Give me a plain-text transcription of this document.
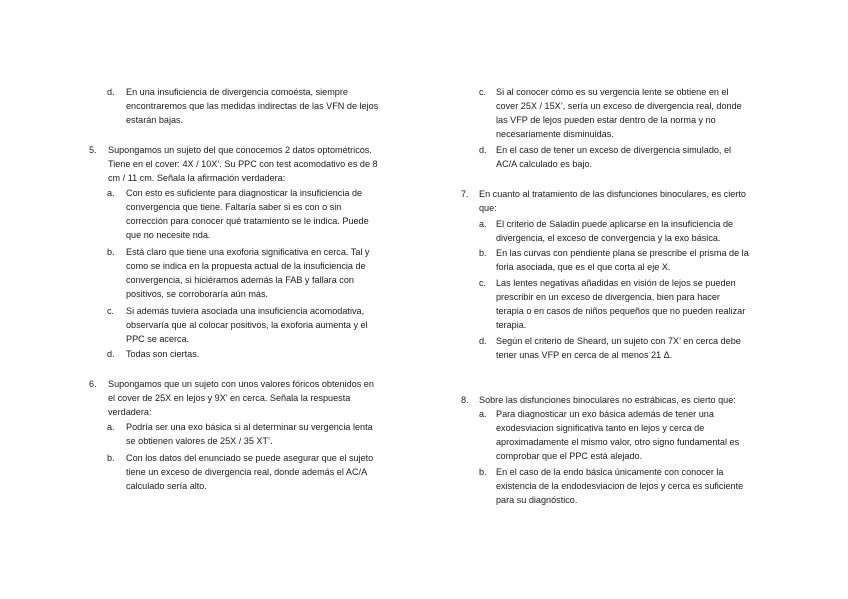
d. En una insuficiencia de divergencia comoésta, siempre
encontraremos que las medidas indirectas de las VFN de lejos
estarán bajas.
5. Supongamos un sujeto del que conocemos 2 datos optométricos.
Tiene en el cover: 4X / 10X’. Su PPC con test acomodativo es de 8
cm / 11 cm. Señala la afirmación verdadera:
a. Con esto es suficiente para diagnosticar la insuficiencia de
convergencia que tiene. Faltaría saber si es con o sin
corrección para conocer qué tratamiento se le indica. Puede
que no necesite nda.
b. Está claro que tiene una exoforia significativa en cerca. Tal y
como se indica en la propuesta actual de la insuficiencia de
convergencia, si hiciéramos además la FAB y fallara con
positivos, se corroboraría aún más.
c. Si además tuviera asociada una insuficiencia acomodativa,
observaría que al colocar positivos, la exoforia aumenta y el
PPC se acerca.
d. Todas son ciertas.
6. Supongamos que un sujeto con unos valores fóricos obtenidos en
el cover de 25X en lejos y 9X’ en cerca. Señala la respuesta
verdadera:
a. Podría ser una exo básica si al determinar su vergencia lenta
se obtienen valores de 25X / 35 XT’.
b. Con los datos del enunciado se puede asegurar que el sujeto
tiene un exceso de divergencia real, donde además el AC/A
calculado sería alto.
c. Si al conocer cómo es su vergencia lente se obtiene en el
cover 25X / 15X’, sería un exceso de divergencia real, donde
las VFP de lejos pueden estar dentro de la norma y no
necesariamente disminuidas.
d. En el caso de tener un exceso de divergencia simulado, el
AC/A calculado es bajo.
7. En cuanto al tratamiento de las disfunciones binoculares, es cierto
que:
a. El criterio de Saladin puede aplicarse en la insuficiencia de
divergencia, el exceso de convergencia y la exo básica.
b. En las curvas con pendiente plana se prescribe el prisma de la
foria asociada, que es el que corta al eje X.
c. Las lentes negativas añadidas en visión de lejos se pueden
prescribir en un exceso de divergencia, bien para hacer
terapia o en casos de niños pequeños que no pueden realizar
terapia.
d. Según el criterio de Sheard, un sujeto con 7X’ en cerca debe
tener unas VFP en cerca de al menos 21 Δ.
8. Sobre las disfunciones binoculares no estrábicas, es cierto que:
a. Para diagnosticar un exo básica además de tener una
exodesviacion significativa tanto en lejos y cerca de
aproximadamente el mismo valor, otro signo fundamental es
comprobar que el PPC está alejado.
b. En el caso de la endo básica únicamente con conocer la
existencia de la endodesviacion de lejos y cerca es suficiente
para su diagnóstico.
